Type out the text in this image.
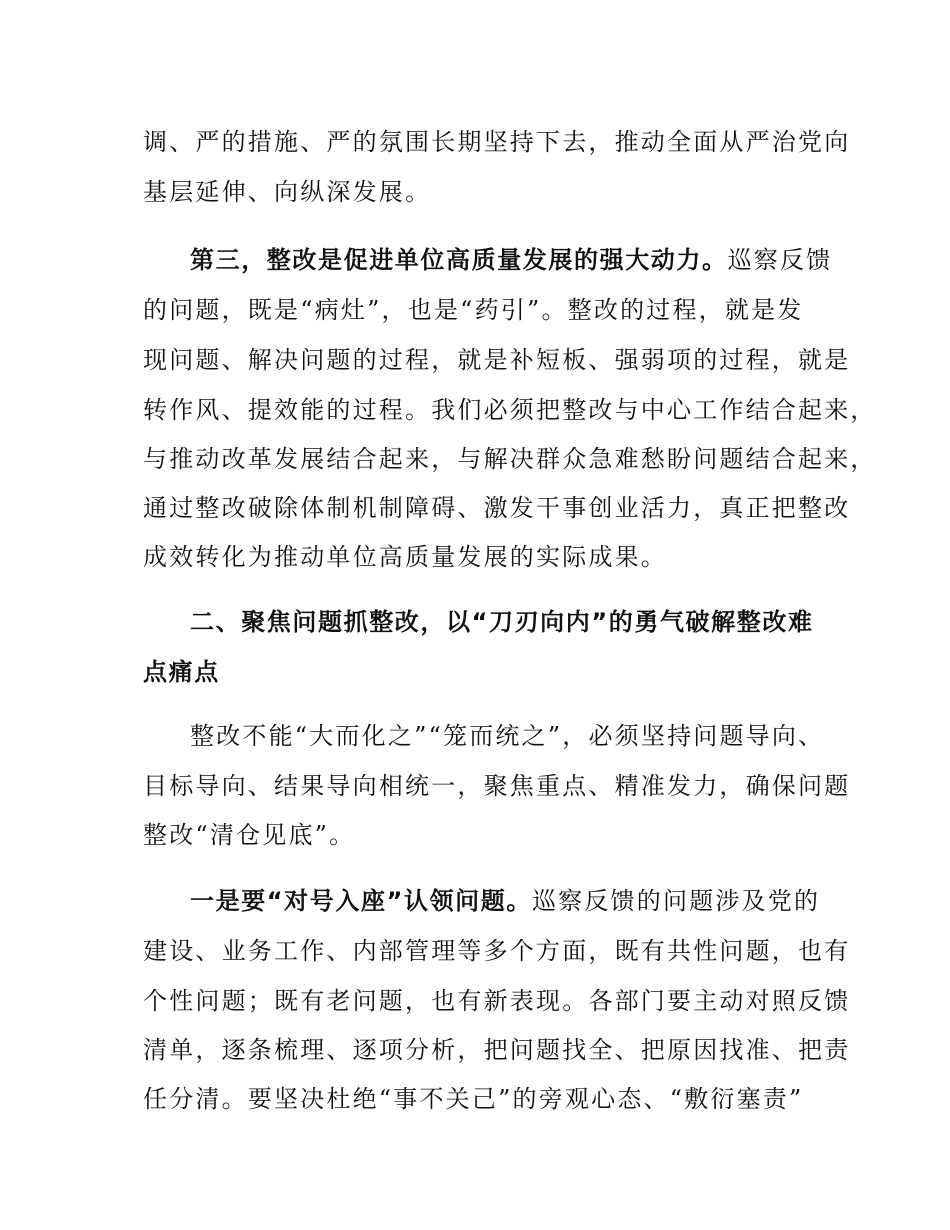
调、严的措施、严的氛围长期坚持下去，推动全面从严治党向
基层延伸、向纵深发展。
第三，整改是促进单位高质量发展的强大动力。巡察反馈
的问题，既是“病灶”，也是“药引”。整改的过程，就是发
现问题、解决问题的过程，就是补短板、强弱项的过程，就是
转作风、提效能的过程。我们必须把整改与中心工作结合起来，
与推动改革发展结合起来，与解决群众急难愁盼问题结合起来，
通过整改破除体制机制障碍、激发干事创业活力，真正把整改
成效转化为推动单位高质量发展的实际成果。
二、聚焦问题抓整改，以“刀刃向内”的勇气破解整改难
点痛点
整改不能“大而化之”“笼而统之”，必须坚持问题导向、
目标导向、结果导向相统一，聚焦重点、精准发力，确保问题
整改“清仓见底”。
一是要“对号入座”认领问题。巡察反馈的问题涉及党的
建设、业务工作、内部管理等多个方面，既有共性问题，也有
个性问题；既有老问题，也有新表现。各部门要主动对照反馈
清单，逐条梳理、逐项分析，把问题找全、把原因找准、把责
任分清。要坚决杜绝“事不关己”的旁观心态、“敷衍塞责”
